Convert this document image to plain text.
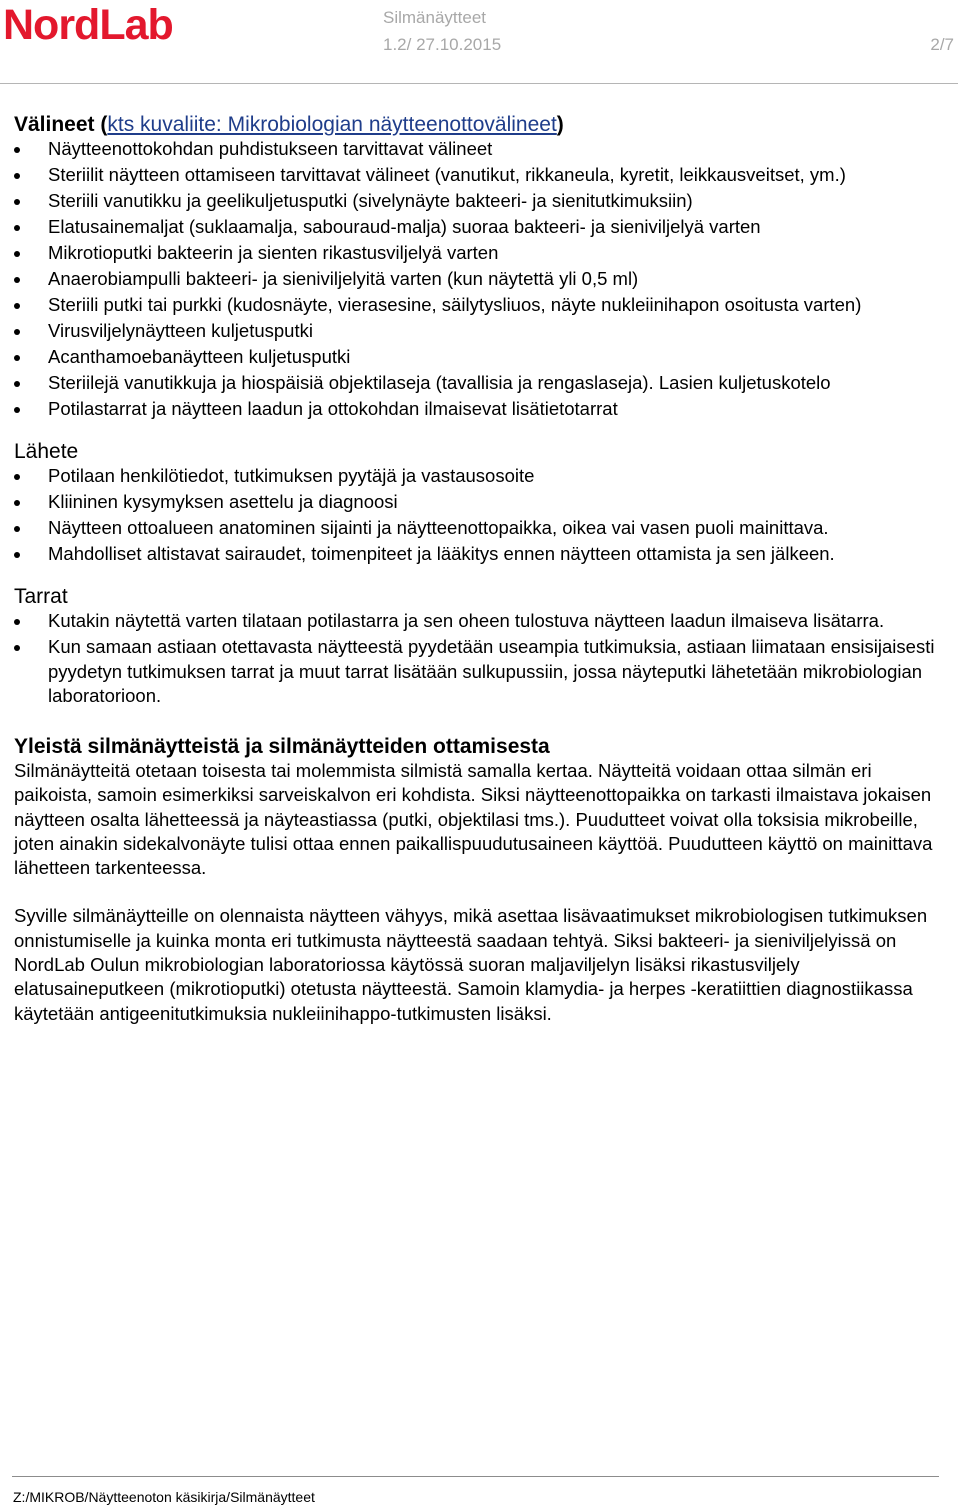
NordLab	Silmänäytteet
1.2/ 27.10.2015	2/7
Välineet (kts kuvaliite: Mikrobiologian näytteenottovälineet)
Näytteenottokohdan puhdistukseen tarvittavat välineet
Steriilit näytteen ottamiseen tarvittavat välineet (vanutikut, rikkaneula, kyretit, leikkausveitset, ym.)
Steriili vanutikku ja geelikuljetusputki (sivelynäyte bakteeri- ja sienitutkimuksiin)
Elatusainemaljat (suklaamalja, sabouraud-malja) suoraa bakteeri- ja sieniviljelyä varten
Mikrotioputki bakteerin ja sienten rikastusviljelyä varten
Anaerobiampulli bakteeri- ja sieniviljelyitä varten (kun näytettä yli 0,5 ml)
Steriili putki tai purkki (kudosnäyte, vierasesine, säilytysliuos, näyte nukleiinihapon osoitusta varten)
Virusviljelynäytteen kuljetusputki
Acanthamoebanäytteen kuljetusputki
Steriilejä vanutikkuja ja hiospäisiä objektilaseja (tavallisia ja rengaslaseja). Lasien kuljetuskotelo
Potilastarrat ja näytteen laadun ja ottokohdan ilmaisevat lisätietotarrat
Lähete
Potilaan henkilötiedot, tutkimuksen pyytäjä ja vastausosoite
Kliininen kysymyksen asettelu ja diagnoosi
Näytteen ottoalueen anatominen sijainti ja näytteenottopaikka, oikea vai vasen puoli mainittava.
Mahdolliset altistavat sairaudet, toimenpiteet ja lääkitys ennen näytteen ottamista ja sen jälkeen.
Tarrat
Kutakin näytettä varten tilataan potilastarra ja sen oheen tulostuva näytteen laadun ilmaiseva lisätarra.
Kun samaan astiaan otettavasta näytteestä pyydetään useampia tutkimuksia, astiaan liimataan ensisijaisesti pyydetyn tutkimuksen tarrat ja muut tarrat lisätään sulkupussiin, jossa näyteputki lähetetään mikrobiologian laboratorioon.
Yleistä silmänäytteistä ja silmänäytteiden ottamisesta

Silmänäytteitä otetaan toisesta tai molemmista silmistä samalla kertaa. Näytteitä voidaan ottaa silmän eri paikoista, samoin esimerkiksi sarveiskalvon eri kohdista. Siksi näytteenottopaikka on tarkasti ilmaistava jokaisen näytteen osalta lähetteessä ja näyteastiassa (putki, objektilasi tms.). Puudutteet voivat olla toksisia mikrobeille, joten ainakin sidekalvonäyte tulisi ottaa ennen paikallispuudutusaineen käyttöä. Puudutteen käyttö on mainittava lähetteen tarkenteessa.

Syville silmänäytteille on olennaista näytteen vähyys, mikä asettaa lisävaatimukset mikrobiologisen tutkimuksen onnistumiselle ja kuinka monta eri tutkimusta näytteestä saadaan tehtyä. Siksi bakteeri- ja sieniviljelyissä on NordLab Oulun mikrobiologian laboratoriossa käytössä suoran maljaviljelyn lisäksi rikastusviljely elatusaineputkeen (mikrotioputki) otetusta näytteestä. Samoin klamydia- ja herpes -keratiittien diagnostiikassa käytetään antigeenitutkimuksia nukleiinihappo-tutkimusten lisäksi.

Z:/MIKROB/Näytteenoton käsikirja/Silmänäytteet
